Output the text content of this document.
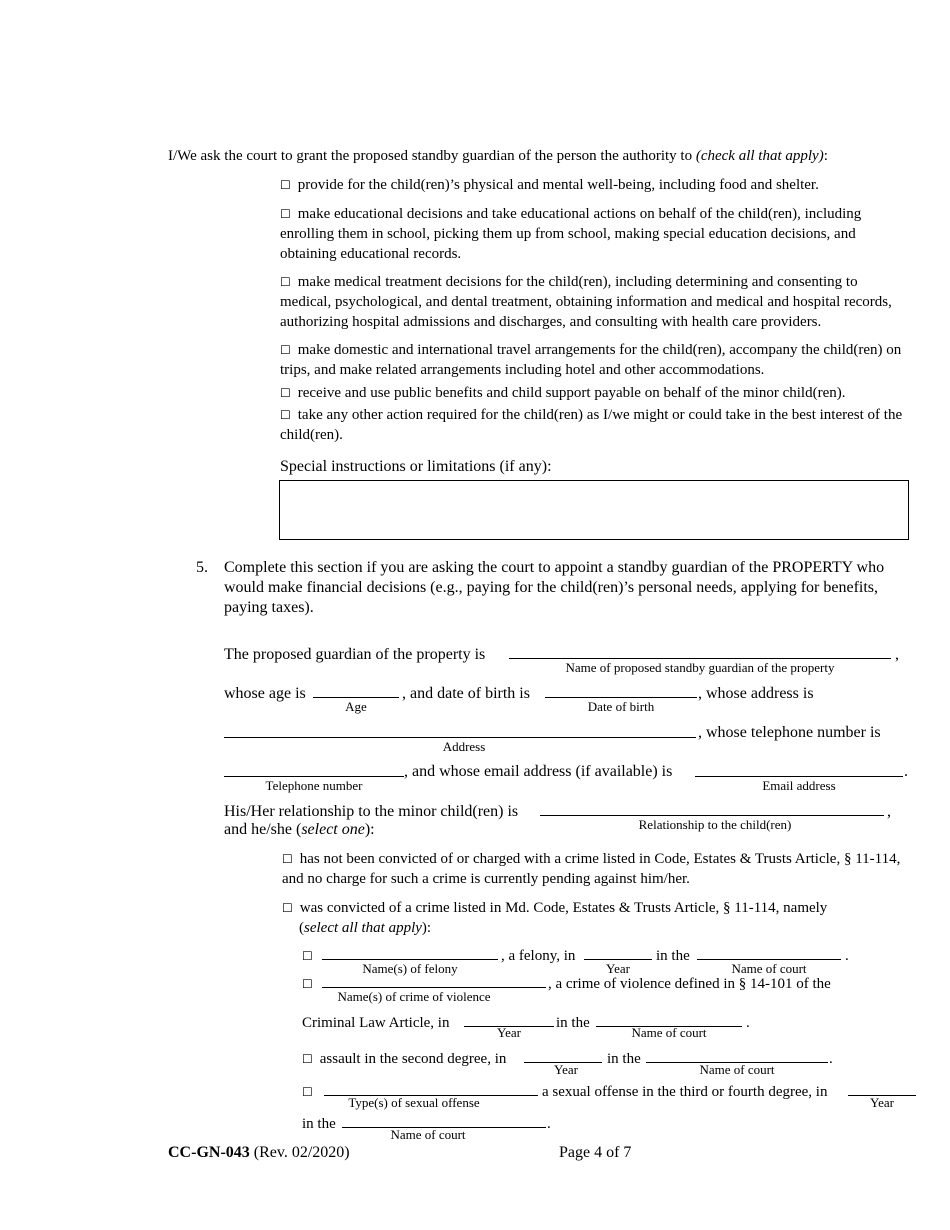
I/We ask the court to grant the proposed standby guardian of the person the authority to (check all that apply):
☐ provide for the child(ren)’s physical and mental well-being, including food and shelter.
☐ make educational decisions and take educational actions on behalf of the child(ren), including enrolling them in school, picking them up from school, making special education decisions, and obtaining educational records.
☐ make medical treatment decisions for the child(ren), including determining and consenting to medical, psychological, and dental treatment, obtaining information and medical and hospital records, authorizing hospital admissions and discharges, and consulting with health care providers.
☐ make domestic and international travel arrangements for the child(ren), accompany the child(ren) on trips, and make related arrangements including hotel and other accommodations.
☐ receive and use public benefits and child support payable on behalf of the minor child(ren).
☐ take any other action required for the child(ren) as I/we might or could take in the best interest of the child(ren).
Special instructions or limitations (if any):
5. Complete this section if you are asking the court to appoint a standby guardian of the PROPERTY who would make financial decisions (e.g., paying for the child(ren)’s personal needs, applying for benefits, paying taxes).
The proposed guardian of the property is
Name of proposed standby guardian of the property
,
whose age is
Age
, and date of birth is
Date of birth
, whose address is
Address
, whose telephone number is
Telephone number
, and whose email address (if available) is
Email address
.
His/Her relationship to the minor child(ren) is
Relationship to the child(ren)
,
and he/she (select one):
☐ has not been convicted of or charged with a crime listed in Code, Estates & Trusts Article, § 11-114, and no charge for such a crime is currently pending against him/her.
☐ was convicted of a crime listed in Md. Code, Estates & Trusts Article, § 11-114, namely
(select all that apply):
☐
Name(s) of felony
, a felony, in
Year
in the
Name of court
.
☐
Name(s) of crime of violence
, a crime of violence defined in § 14-101 of the
Criminal Law Article, in
Year
in the
Name of court
.
☐ assault in the second degree, in
Year
in the
Name of court
.
☐
Type(s) of sexual offense
a sexual offense in the third or fourth degree, in
Year
in the
Name of court
.
CC-GN-043 (Rev. 02/2020)	Page 4 of 7
